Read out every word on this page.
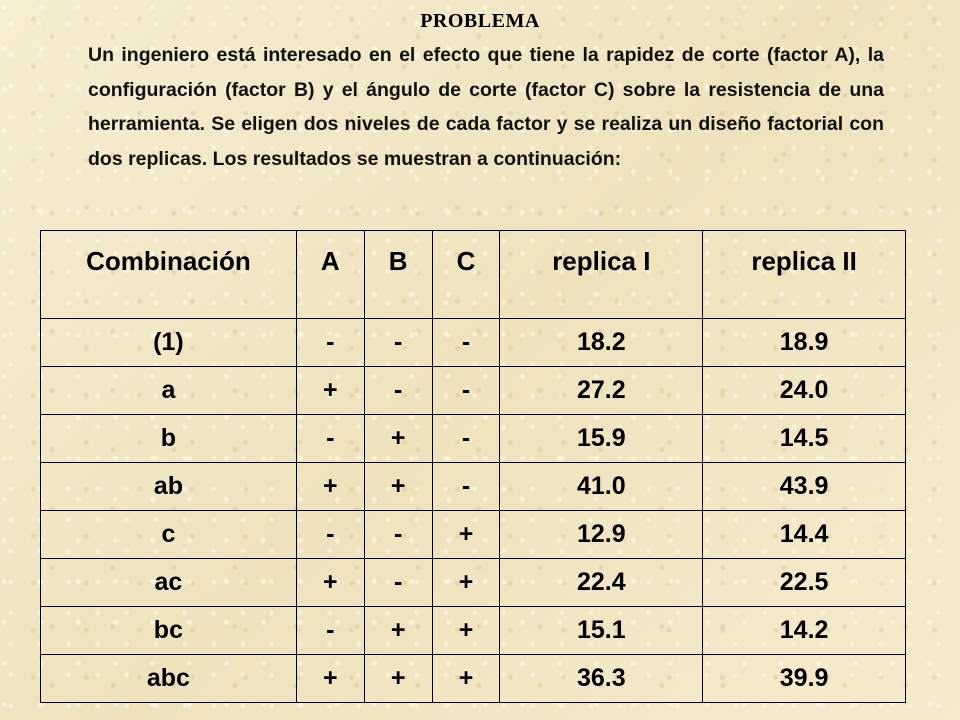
PROBLEMA

Un ingeniero está interesado en el efecto que tiene la rapidez de corte (factor A), la configuración (factor B) y el ángulo de corte (factor C) sobre la resistencia de una herramienta. Se eligen dos niveles de cada factor y se realiza un diseño factorial con dos replicas. Los resultados se muestran a continuación:

Combinación	A	B	C	replica I	replica II
(1)	-	-	-	18.2	18.9
a	+	-	-	27.2	24.0
b	-	+	-	15.9	14.5
ab	+	+	-	41.0	43.9
c	-	-	+	12.9	14.4
ac	+	-	+	22.4	22.5
bc	-	+	+	15.1	14.2
abc	+	+	+	36.3	39.9
